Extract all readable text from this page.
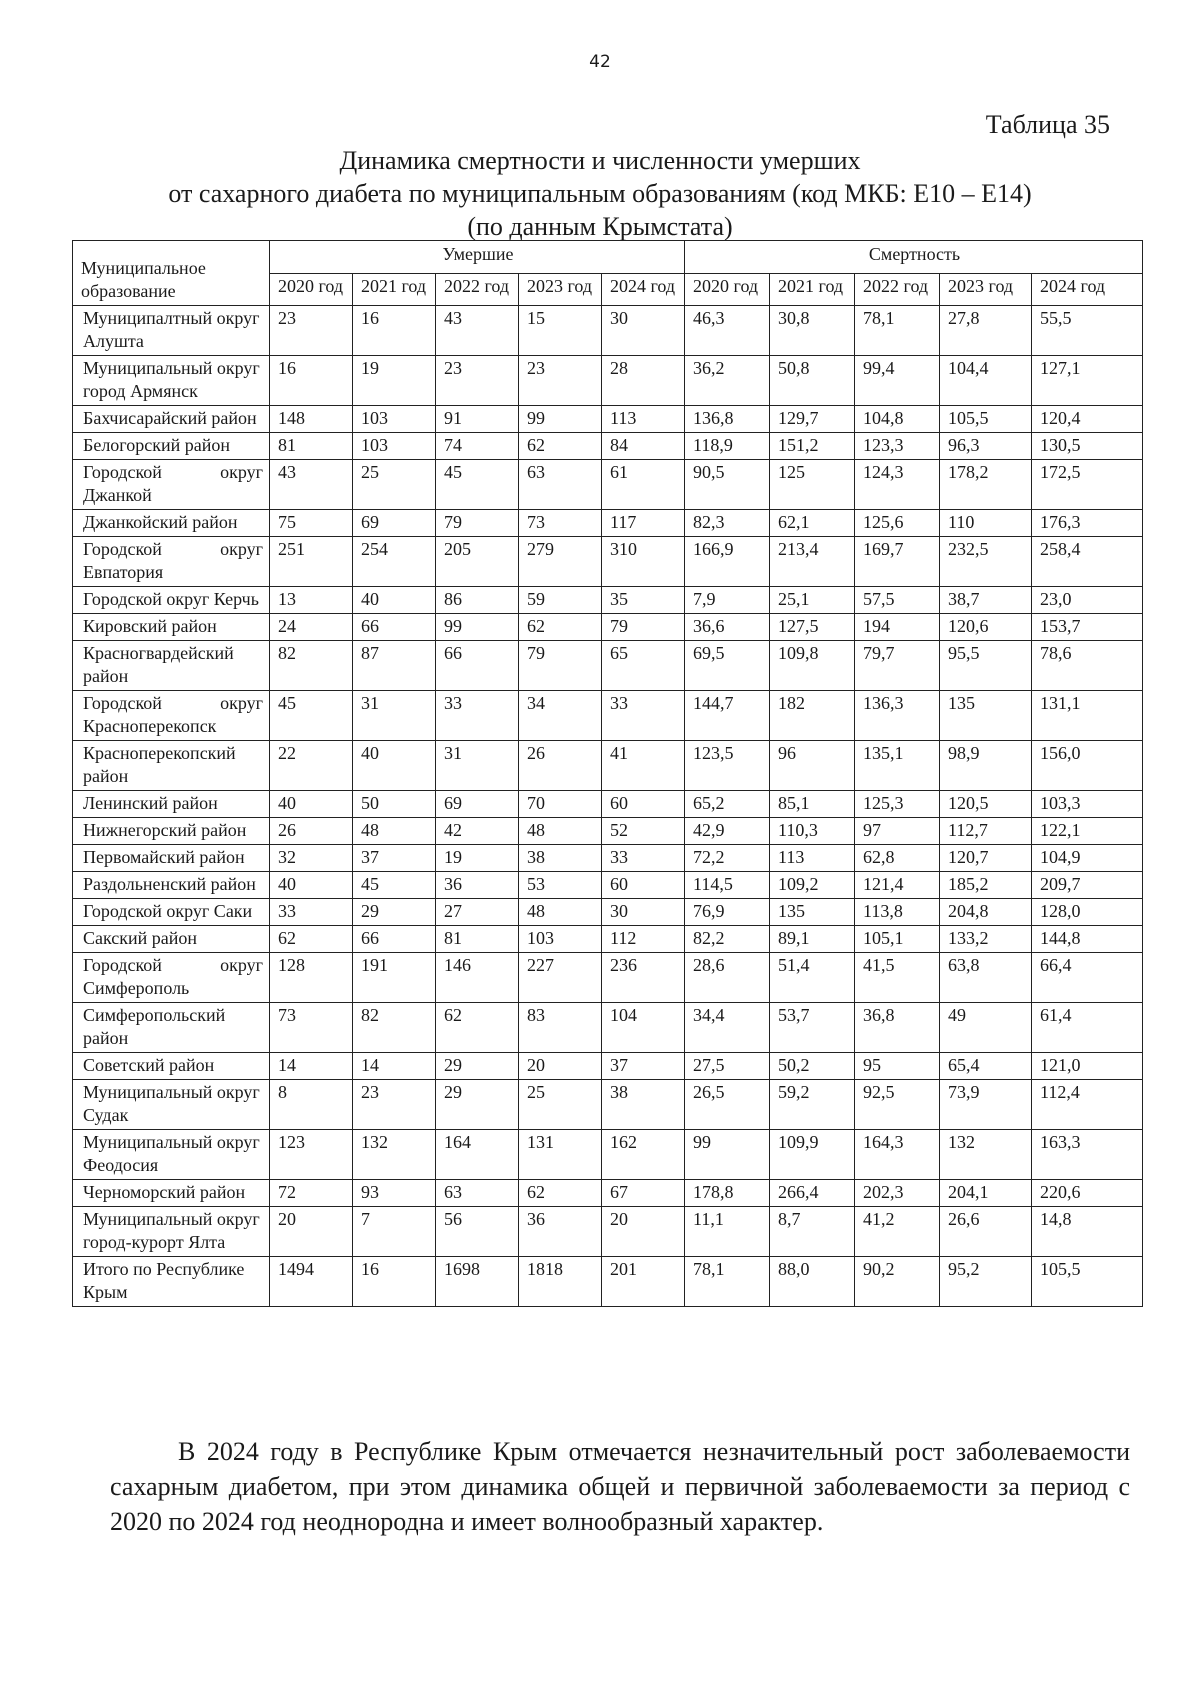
42
Таблица 35
Динамика смертности и численности умерших
от сахарного диабета по муниципальным образованиям (код МКБ: Е10 – Е14)
(по данным Крымстата)
Муниципальное образование	Умершие					Смертность				
	2020 год	2021 год	2022 год	2023 год	2024 год	2020 год	2021 год	2022 год	2023 год	2024 год
Муниципалтный округ Алушта	23	16	43	15	30	46,3	30,8	78,1	27,8	55,5
Муниципальный округ город Армянск	16	19	23	23	28	36,2	50,8	99,4	104,4	127,1
Бахчисарайский район	148	103	91	99	113	136,8	129,7	104,8	105,5	120,4
Белогорский район	81	103	74	62	84	118,9	151,2	123,3	96,3	130,5
Городской округ Джанкой	43	25	45	63	61	90,5	125	124,3	178,2	172,5
Джанкойский район	75	69	79	73	117	82,3	62,1	125,6	110	176,3
Городской округ Евпатория	251	254	205	279	310	166,9	213,4	169,7	232,5	258,4
Городской округ Керчь	13	40	86	59	35	7,9	25,1	57,5	38,7	23,0
Кировский район	24	66	99	62	79	36,6	127,5	194	120,6	153,7
Красногвардейский район	82	87	66	79	65	69,5	109,8	79,7	95,5	78,6
Городской округ Красноперекопск	45	31	33	34	33	144,7	182	136,3	135	131,1
Красноперекопский район	22	40	31	26	41	123,5	96	135,1	98,9	156,0
Ленинский район	40	50	69	70	60	65,2	85,1	125,3	120,5	103,3
Нижнегорский район	26	48	42	48	52	42,9	110,3	97	112,7	122,1
Первомайский район	32	37	19	38	33	72,2	113	62,8	120,7	104,9
Раздольненский район	40	45	36	53	60	114,5	109,2	121,4	185,2	209,7
Городской округ Саки	33	29	27	48	30	76,9	135	113,8	204,8	128,0
Сакский район	62	66	81	103	112	82,2	89,1	105,1	133,2	144,8
Городской округ Симферополь	128	191	146	227	236	28,6	51,4	41,5	63,8	66,4
Симферопольский район	73	82	62	83	104	34,4	53,7	36,8	49	61,4
Советский район	14	14	29	20	37	27,5	50,2	95	65,4	121,0
Муниципальный округ Судак	8	23	29	25	38	26,5	59,2	92,5	73,9	112,4
Муниципальный округ Феодосия	123	132	164	131	162	99	109,9	164,3	132	163,3
Черноморский район	72	93	63	62	67	178,8	266,4	202,3	204,1	220,6
Муниципальный округ город-курорт Ялта	20	7	56	36	20	11,1	8,7	41,2	26,6	14,8
Итого по Республике Крым	1494	16	1698	1818	201	78,1	88,0	90,2	95,2	105,5
В 2024 году в Республике Крым отмечается незначительный рост заболеваемости сахарным диабетом, при этом динамика общей и первичной заболеваемости за период с 2020 по 2024 год неоднородна и имеет волнообразный характер.
